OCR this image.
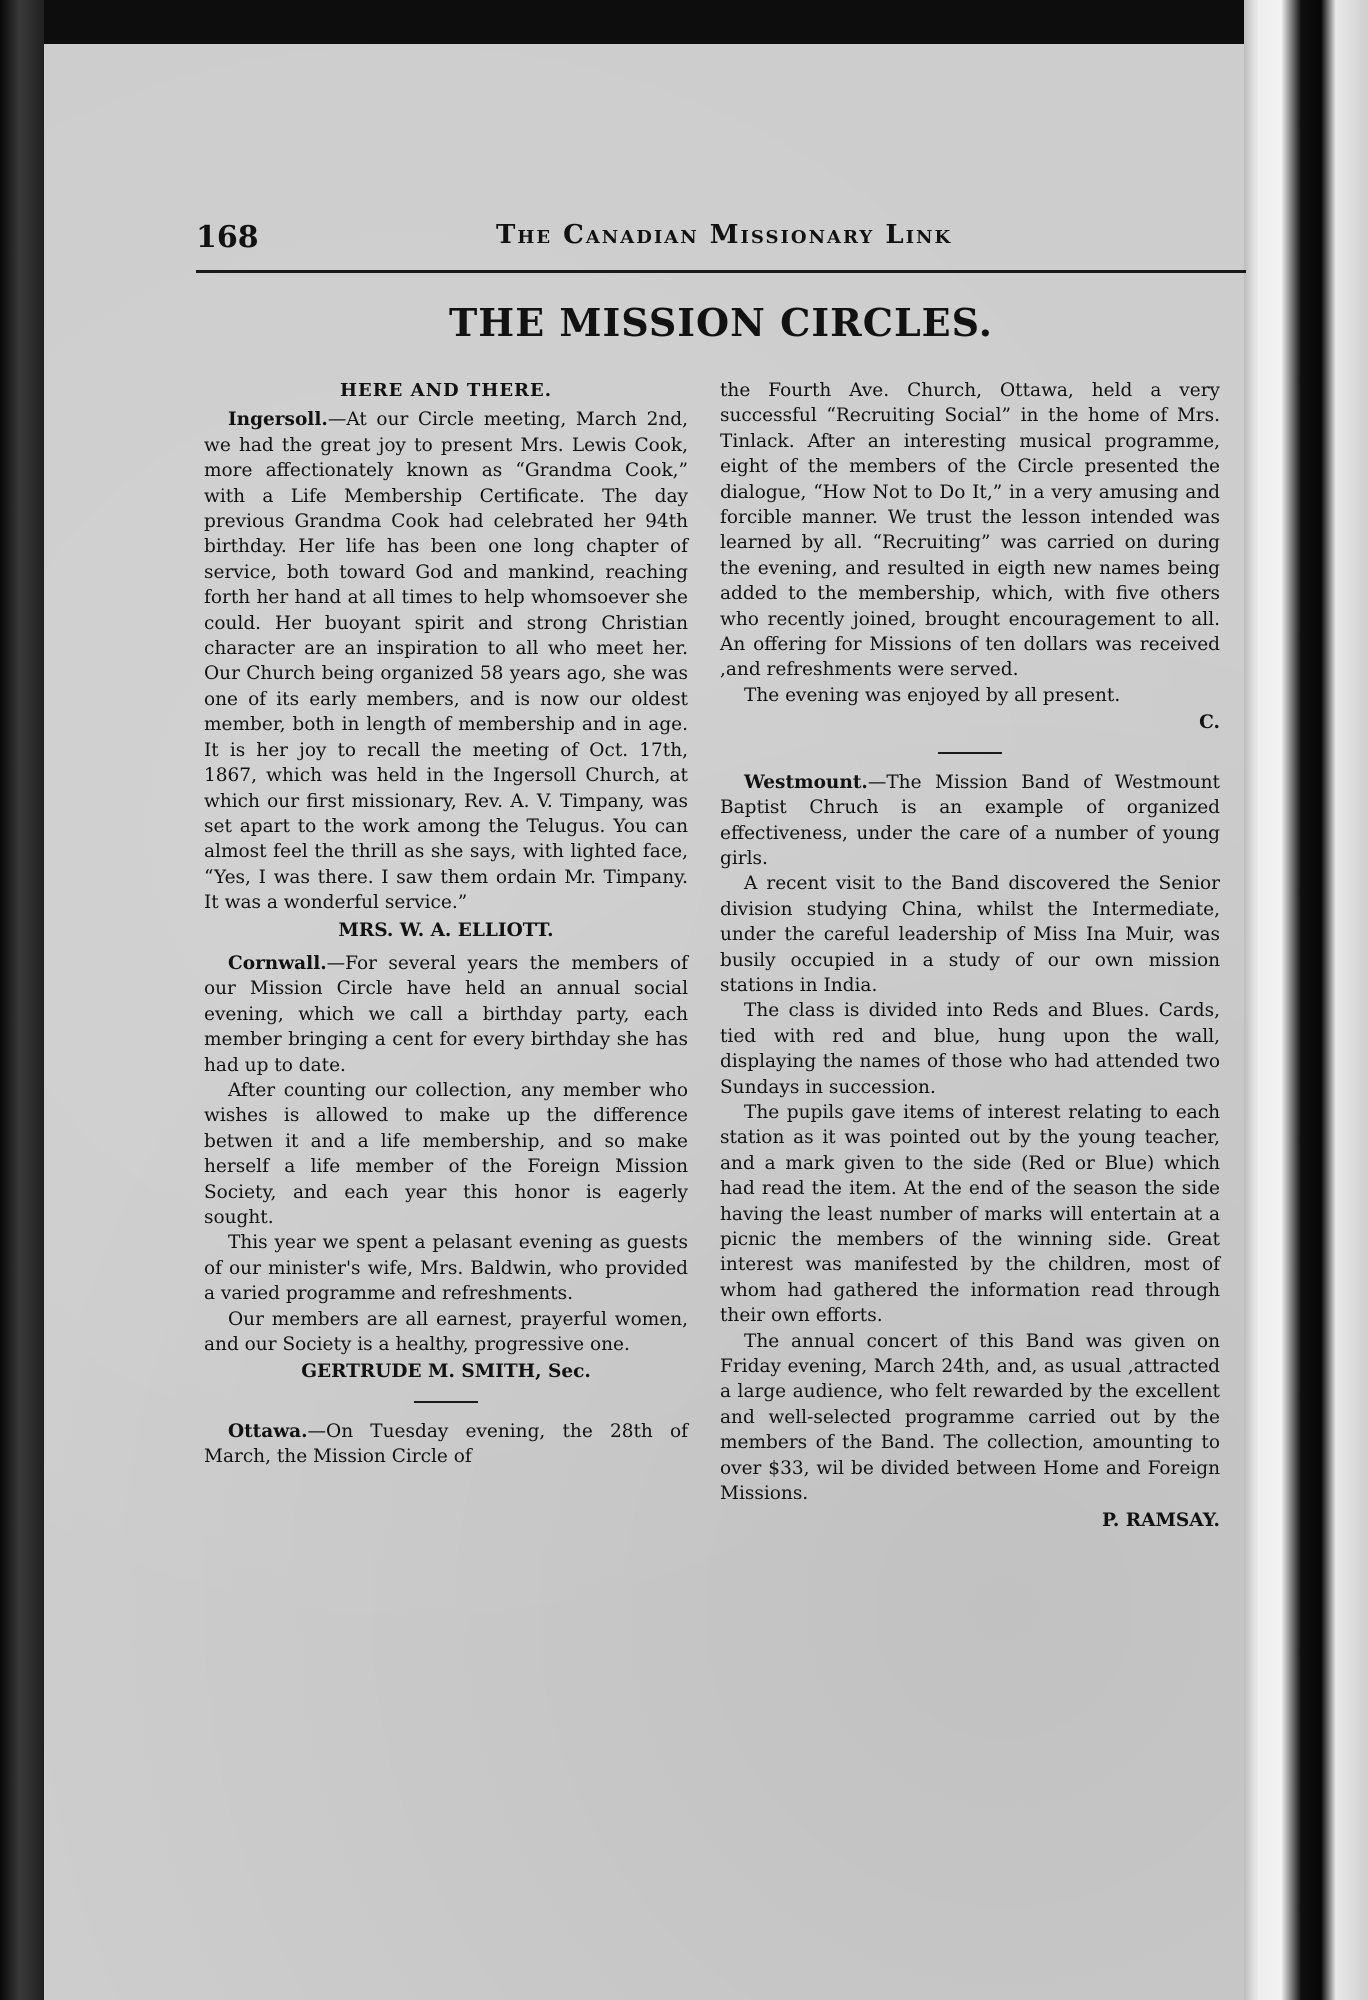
168	The Canadian Missionary Link
THE MISSION CIRCLES.
HERE AND THERE.

Ingersoll.—At our Circle meeting, March 2nd, we had the great joy to present Mrs. Lewis Cook, more affectionately known as “Grandma Cook,” with a Life Membership Certificate. The day previous Grandma Cook had celebrated her 94th birthday. Her life has been one long chapter of service, both toward God and mankind, reaching forth her hand at all times to help whomsoever she could. Her buoyant spirit and strong Christian character are an inspiration to all who meet her. Our Church being organized 58 years ago, she was one of its early members, and is now our oldest member, both in length of membership and in age. It is her joy to recall the meeting of Oct. 17th, 1867, which was held in the Ingersoll Church, at which our first missionary, Rev. A. V. Timpany, was set apart to the work among the Telugus. You can almost feel the thrill as she says, with lighted face, “Yes, I was there. I saw them ordain Mr. Timpany. It was a wonderful service.”

MRS. W. A. ELLIOTT.

Cornwall.—For several years the members of our Mission Circle have held an annual social evening, which we call a birthday party, each member bringing a cent for every birthday she has had up to date.

After counting our collection, any member who wishes is allowed to make up the difference betwen it and a life membership, and so make herself a life member of the Foreign Mission Society, and each year this honor is eagerly sought.

This year we spent a pelasant evening as guests of our minister's wife, Mrs. Baldwin, who provided a varied programme and refreshments.

Our members are all earnest, prayerful women, and our Society is a healthy, progressive one.

GERTRUDE M. SMITH, Sec.

Ottawa.—On Tuesday evening, the 28th of March, the Mission Circle of

the Fourth Ave. Church, Ottawa, held a very successful “Recruiting Social” in the home of Mrs. Tinlack. After an interesting musical programme, eight of the members of the Circle presented the dialogue, “How Not to Do It,” in a very amusing and forcible manner. We trust the lesson intended was learned by all. “Recruiting” was carried on during the evening, and resulted in eigth new names being added to the membership, which, with five others who recently joined, brought encouragement to all. An offering for Missions of ten dollars was received ,and refreshments were served.

The evening was enjoyed by all present.

C.

Westmount.—The Mission Band of Westmount Baptist Chruch is an example of organized effectiveness, under the care of a number of young girls.

A recent visit to the Band discovered the Senior division studying China, whilst the Intermediate, under the careful leadership of Miss Ina Muir, was busily occupied in a study of our own mission stations in India.

The class is divided into Reds and Blues. Cards, tied with red and blue, hung upon the wall, displaying the names of those who had attended two Sundays in succession.

The pupils gave items of interest relating to each station as it was pointed out by the young teacher, and a mark given to the side (Red or Blue) which had read the item. At the end of the season the side having the least number of marks will entertain at a picnic the members of the winning side. Great interest was manifested by the children, most of whom had gathered the information read through their own efforts.

The annual concert of this Band was given on Friday evening, March 24th, and, as usual ,attracted a large audience, who felt rewarded by the excellent and well-selected programme carried out by the members of the Band. The collection, amounting to over $33, wil be divided between Home and Foreign Missions.

P. RAMSAY.
